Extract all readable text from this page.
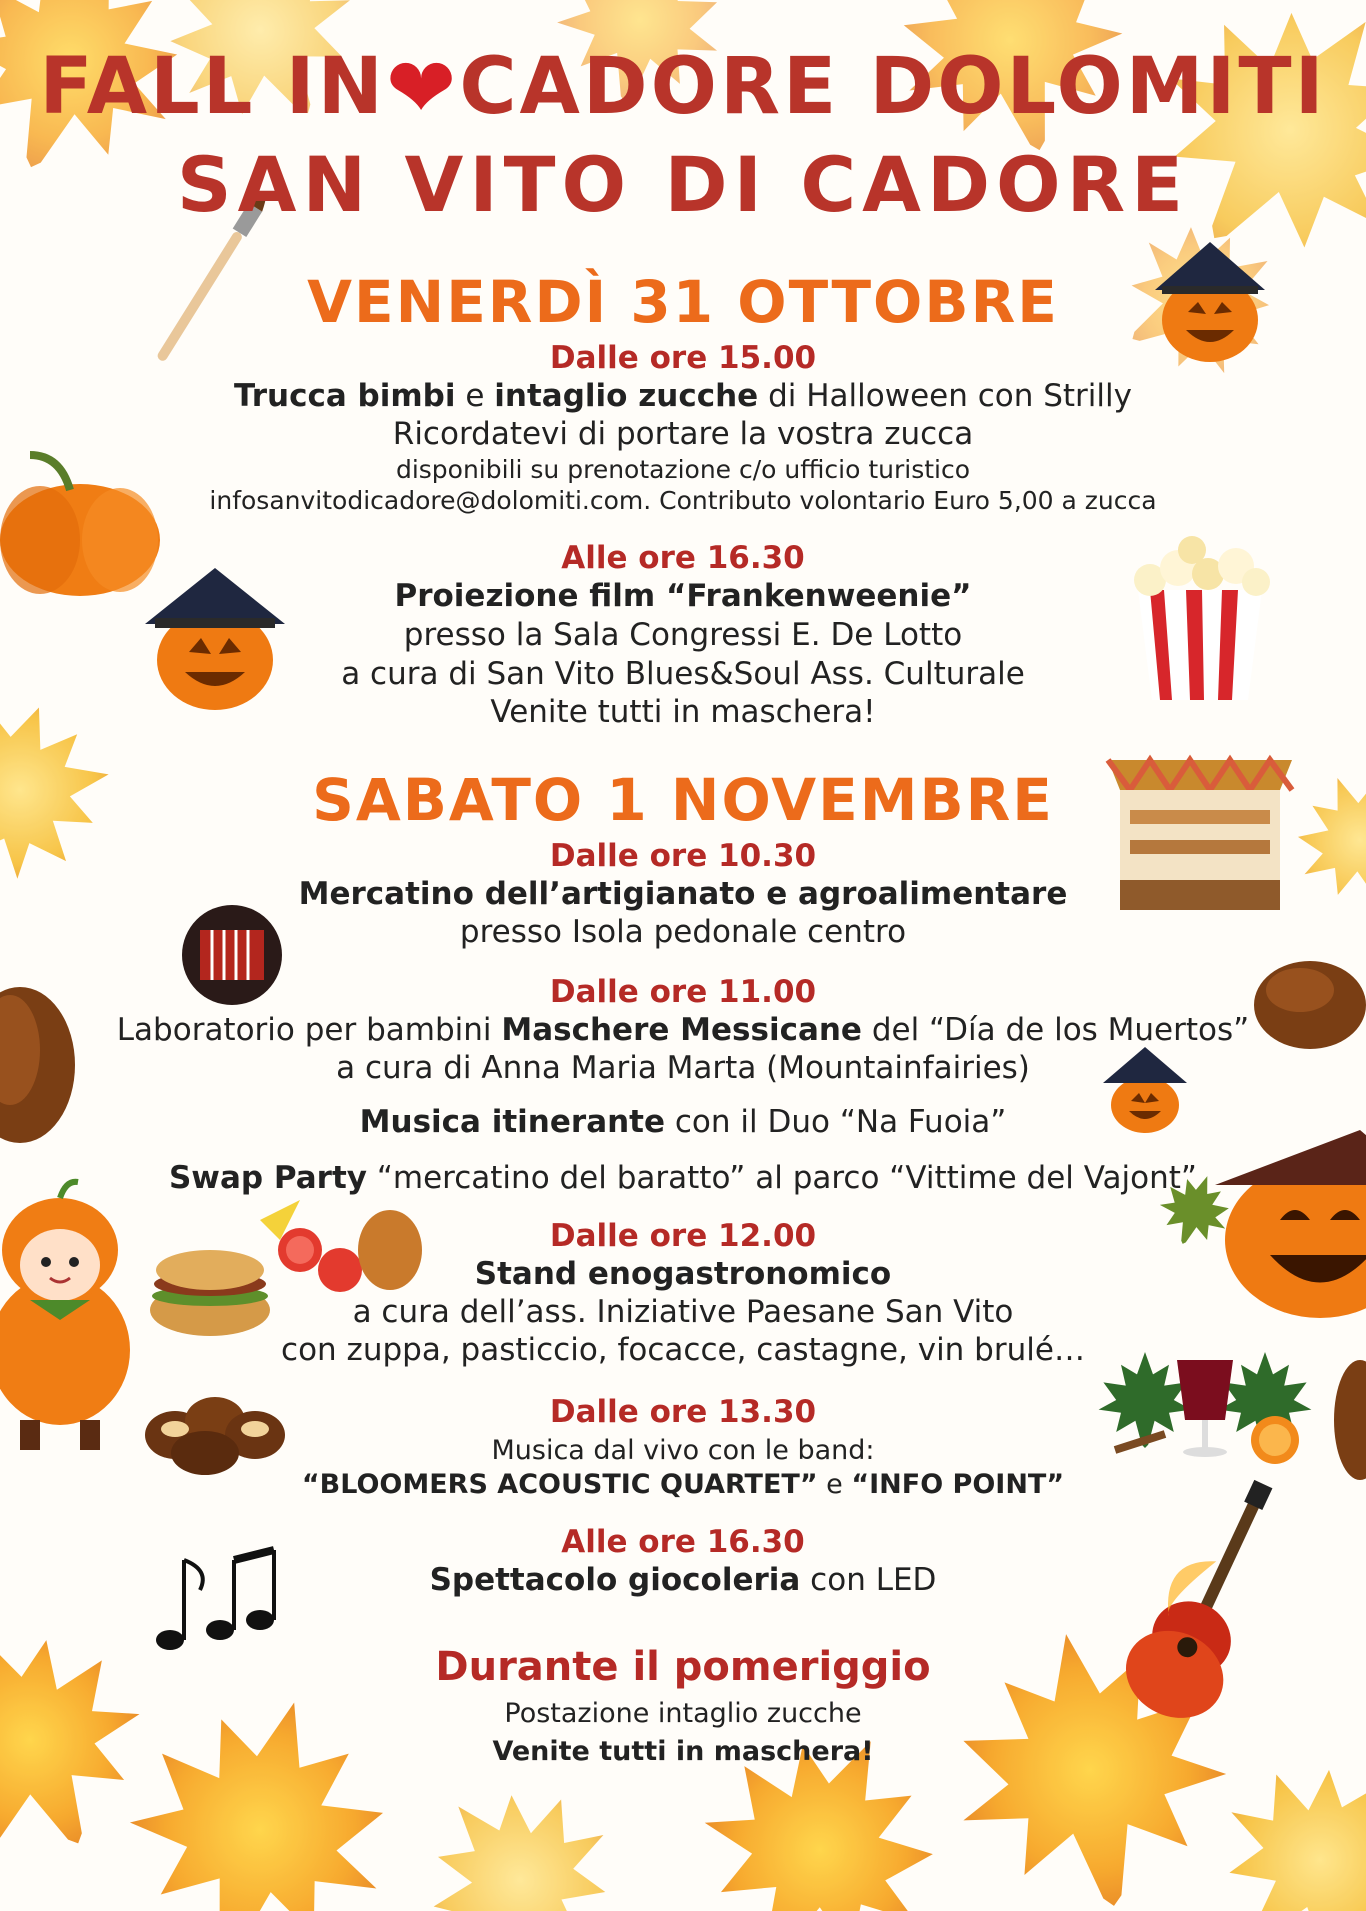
FALL IN❤CADORE DOLOMITI
SAN VITO DI CADORE
VENERDÌ 31 OTTOBRE
Dalle ore 15.00
Trucca bimbi e intaglio zucche di Halloween con Strilly
Ricordatevi di portare la vostra zucca
disponibili su prenotazione c/o ufficio turistico
infosanvitodicadore@dolomiti.com. Contributo volontario Euro 5,00 a zucca
Alle ore 16.30
Proiezione film “Frankenweenie”
presso la Sala Congressi E. De Lotto
a cura di San Vito Blues&Soul Ass. Culturale
Venite tutti in maschera!
SABATO 1 NOVEMBRE
Dalle ore 10.30
Mercatino dell’artigianato e agroalimentare
presso Isola pedonale centro
Dalle ore 11.00
Laboratorio per bambini Maschere Messicane del “Día de los Muertos”
a cura di Anna Maria Marta (Mountainfairies)
Musica itinerante con il Duo “Na Fuoia”
Swap Party “mercatino del baratto” al parco “Vittime del Vajont”
Dalle ore 12.00
Stand enogastronomico
a cura dell’ass. Iniziative Paesane San Vito
con zuppa, pasticcio, focacce, castagne, vin brulé…
Dalle ore 13.30
Musica dal vivo con le band:
“BLOOMERS ACOUSTIC QUARTET” e “INFO POINT”
Alle ore 16.30
Spettacolo giocoleria con LED
Durante il pomeriggio
Postazione intaglio zucche
Venite tutti in maschera!
